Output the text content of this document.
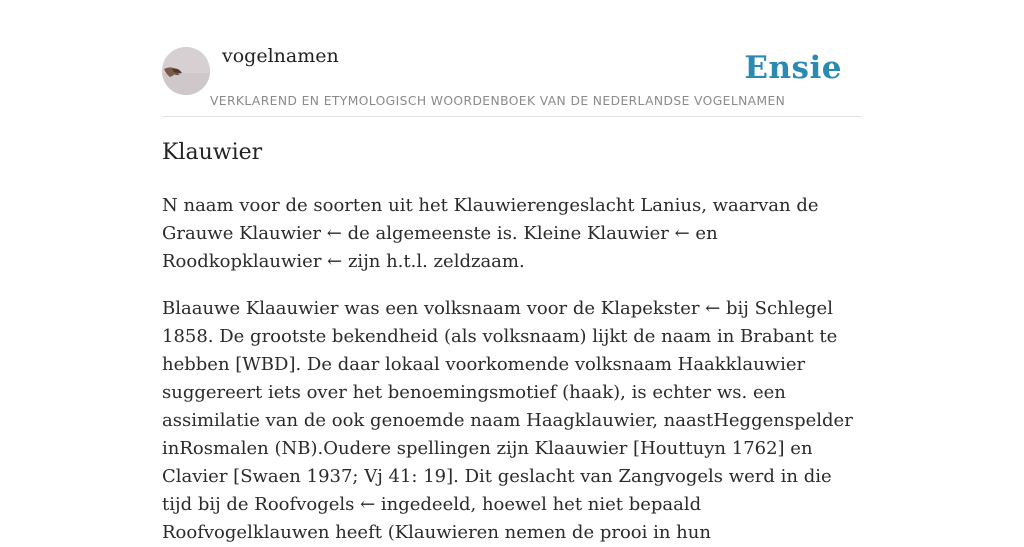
vogelnamen	Ensie
VERKLAREND EN ETYMOLOGISCH WOORDENBOEK VAN DE NEDERLANDSE VOGELNAMEN
Klauwier

N naam voor de soorten uit het Klauwierengeslacht Lanius, waarvan de Grauwe Klauwier ← de algemeenste is. Kleine Klauwier ← en Roodkopklauwier ← zijn h.t.l. zeldzaam.

Blaauwe Klaauwier was een volksnaam voor de Klapekster ← bij Schlegel 1858. De grootste bekendheid (als volksnaam) lijkt de naam in Brabant te hebben [WBD]. De daar lokaal voorkomende volksnaam Haakklauwier suggereert iets over het benoemingsmotief (haak), is echter ws. een assimilatie van de ook genoemde naam Haagklauwier, naastHeggenspelder inRosmalen (NB).Oudere spellingen zijn Klaauwier [Houttuyn 1762] en Clavier [Swaen 1937; Vj 41: 19]. Dit geslacht van Zangvogels werd in die tijd bij de Roofvogels ← ingedeeld, hoewel het niet bepaald Roofvogelklauwen heeft (Klauwieren nemen de prooi in hun
